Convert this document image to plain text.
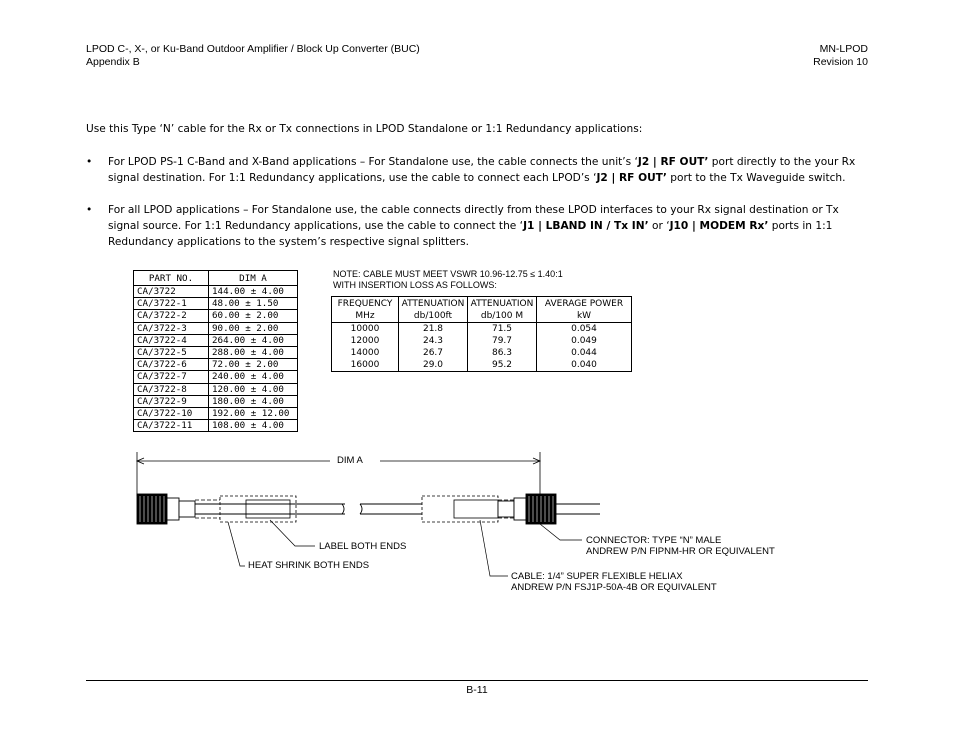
LPOD C-, X-, or Ku-Band Outdoor Amplifier / Block Up Converter (BUC)
Appendix B
MN-LPOD
Revision 10
Use this Type ‘N’ cable for the Rx or Tx connections in LPOD Standalone or 1:1 Redundancy applications:
• For LPOD PS-1 C-Band and X-Band applications – For Standalone use, the cable connects the unit’s ‘J2 | RF OUT’ port directly to the your Rx signal destination. For 1:1 Redundancy applications, use the cable to connect each LPOD’s ‘J2 | RF OUT’ port to the Tx Waveguide switch.
• For all LPOD applications – For Standalone use, the cable connects directly from these LPOD interfaces to your Rx signal destination or Tx signal source. For 1:1 Redundancy applications, use the cable to connect the ‘J1 | LBAND IN / Tx IN’ or ‘J10 | MODEM Rx’ ports in 1:1 Redundancy applications to the system’s respective signal splitters.
PART NO.	DIM A
CA/3722	144.00 ± 4.00
CA/3722-1	48.00 ± 1.50
CA/3722-2	60.00 ± 2.00
CA/3722-3	90.00 ± 2.00
CA/3722-4	264.00 ± 4.00
CA/3722-5	288.00 ± 4.00
CA/3722-6	72.00 ± 2.00
CA/3722-7	240.00 ± 4.00
CA/3722-8	120.00 ± 4.00
CA/3722-9	180.00 ± 4.00
CA/3722-10	192.00 ± 12.00
CA/3722-11	108.00 ± 4.00
NOTE: CABLE MUST MEET VSWR 10.96-12.75 ≤ 1.40:1
WITH INSERTION LOSS AS FOLLOWS:
FREQUENCY	ATTENUATION	ATTENUATION	AVERAGE POWER
MHz	db/100ft	db/100 M	kW
10000	21.8	71.5	0.054
12000	24.3	79.7	0.049
14000	26.7	86.3	0.044
16000	29.0	95.2	0.040
DIM A
LABEL BOTH ENDS
HEAT SHRINK BOTH ENDS
CONNECTOR: TYPE “N” MALE
ANDREW P/N FIPNM-HR OR EQUIVALENT
CABLE: 1/4” SUPER FLEXIBLE HELIAX
ANDREW P/N FSJ1P-50A-4B OR EQUIVALENT
B-11
